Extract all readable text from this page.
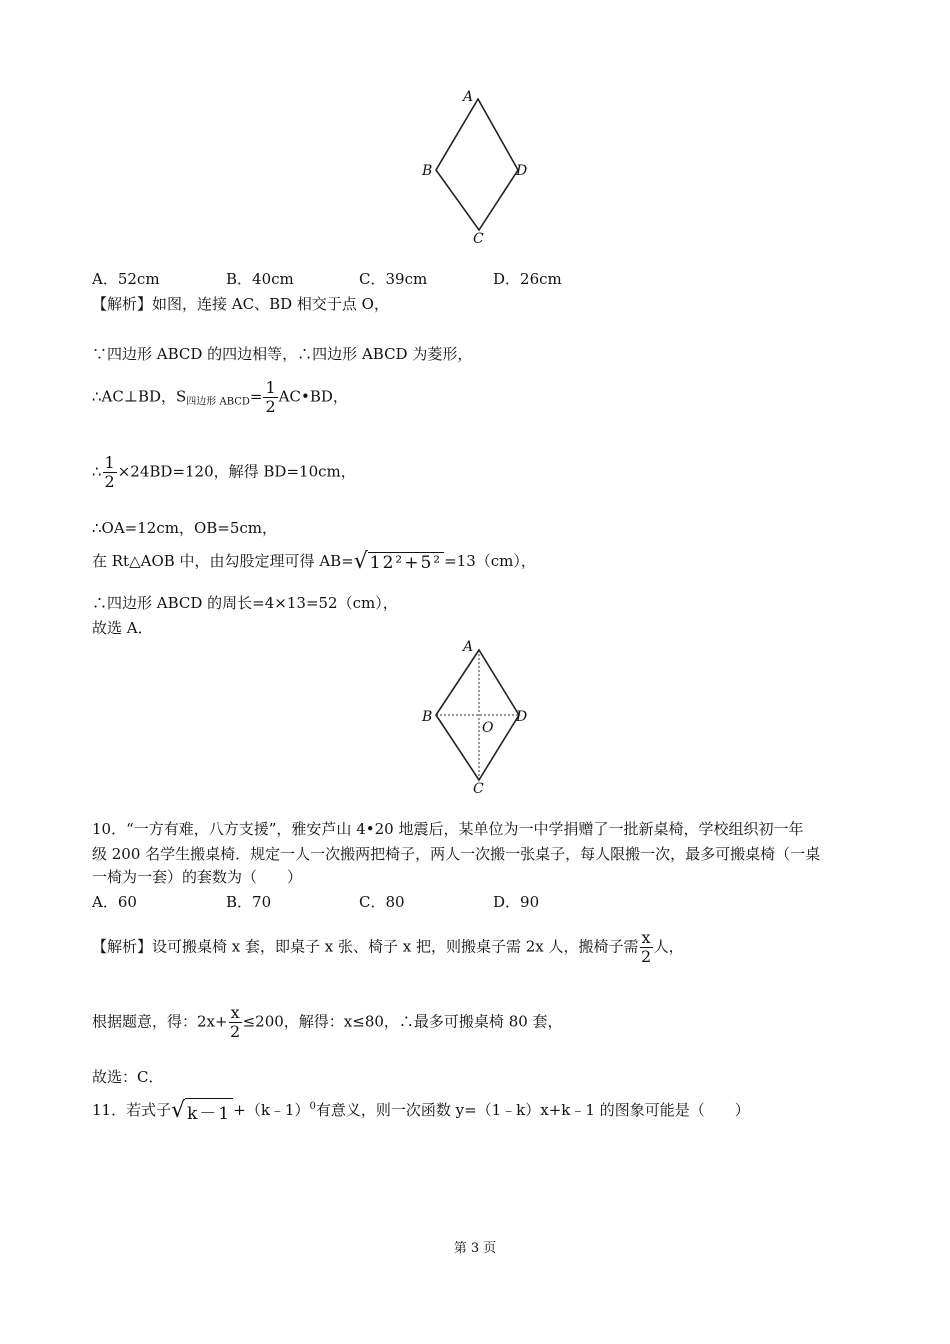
A
B	D
C
A．52cm	B．40cm	C．39cm	D．26cm
【解析】如图，连接 AC、BD 相交于点 O，
∵四边形 ABCD 的四边相等，∴四边形 ABCD 为菱形，
∴AC⊥BD，$S_{四边形 ABCD}= \frac{1}{2}$ AC•BD，
∴ $\frac{1}{2} \times 24BD=120$，解得 BD=10cm，
∴OA=12cm，OB=5cm，
在 Rt△AOB 中，由勾股定理可得 AB=√ 12²+5² =13（cm），
∴四边形 ABCD 的周长=4×13=52（cm），
故选 A．
A
B	D
O
C
10．“一方有难，八方支援”，雅安芦山 4•20 地震后，某单位为一中学捐赠了一批新桌椅，学校组织初一年
级 200 名学生搬桌椅．规定一人一次搬两把椅子，两人一次搬一张桌子，每人限搬一次，最多可搬桌椅（一桌
一椅为一套）的套数为（　　）
A．60	B．70	C．80	D．90
【解析】设可搬桌椅 x 套，即桌子 x 张、椅子 x 把，则搬桌子需 2x 人，搬椅子需 $\frac{x}{2}$ 人，
根据题意，得：$2x+ \frac{x}{2} \le 200$，解得：x≤80，∴最多可搬桌椅 80 套，
故选：C．
11．若式子√ k－1 +（k﹣1）$^0$有意义，则一次函数 y=（1﹣k）x+k﹣1 的图象可能是（　　）
第 3 页
